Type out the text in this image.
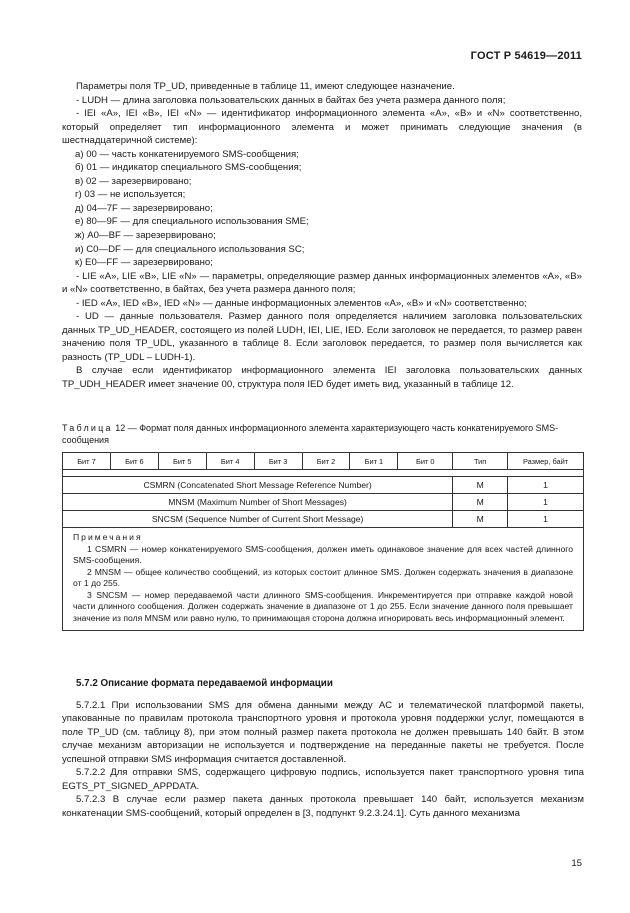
ГОСТ Р 54619—2011

Параметры поля TP_UD, приведенные в таблице 11, имеют следующее назначение.

- LUDH — длина заголовка пользовательских данных в байтах без учета размера данного поля;

- IEI «A», IEI «B», IEI «N» — идентификатор информационного элемента «A», «B» и «N» соответственно, который определяет тип информационного элемента и может принимать следующие значения (в шестнадцатеричной системе):

а) 00 — часть конкатенируемого SMS-сообщения;

б) 01 — индикатор специального SMS-сообщения;

в) 02 — зарезервировано;

г) 03 — не используется;

д) 04—7F — зарезервировано;

е) 80—9F — для специального использования SME;

ж) A0—BF — зарезервировано;

и) C0—DF — для специального использования SC;

к) E0—FF — зарезервировано;

- LIE «A», LIE «B», LIE «N» — параметры, определяющие размер данных информационных элементов «A», «B» и «N» соответственно, в байтах, без учета размера данного поля;

- IED «A», IED «B», IED «N» — данные информационных элементов «A», «B» и «N» соответственно;

- UD — данные пользователя. Размер данного поля определяется наличием заголовка пользовательских данных TP_UD_HEADER, состоящего из полей LUDH, IEI, LIE, IED. Если заголовок не передается, то размер равен значению поля TP_UDL, указанного в таблице 8. Если заголовок передается, то размер поля вычисляется как разность (TP_UDL – LUDH-1).

В случае если идентификатор информационного элемента IEI заголовка пользовательских данных TP_UDH_HEADER имеет значение 00, структура поля IED будет иметь вид, указанный в таблице 12.

Таблица 12 — Формат поля данных информационного элемента характеризующего часть конкатенируемого SMS-сообщения
Бит 7	Бит 6	Бит 5	Бит 4	Бит 3	Бит 2	Бит 1	Бит 0	Тип	Размер, байт

CSMRN (Concatenated Short Message Reference Number)								M	1
MNSM (Maximum Number of Short Messages)								M	1
SNCSM (Sequence Number of Current Short Message)								M	1

Примечания

1 CSMRN — номер конкатенируемого SMS-сообщения, должен иметь одинаковое значение для всех частей длинного SMS-сообщения.

2 MNSM — общее количество сообщений, из которых состоит длинное SMS. Должен содержать значения в диапазоне от 1 до 255.

3 SNCSM — номер передаваемой части длинного SMS-сообщения. Инкрементируется при отправке каждой новой части длинного сообщения. Должен содержать значение в диапазоне от 1 до 255. Если значение данного поля превышает значение из поля MNSM или равно нулю, то принимающая сторона должна игнорировать весь информационный элемент.									

5.7.2 Описание формата передаваемой информации

5.7.2.1 При использовании SMS для обмена данными между АС и телематической платформой пакеты, упакованные по правилам протокола транспортного уровня и протокола уровня поддержки услуг, помещаются в поле TP_UD (см. таблицу 8), при этом полный размер пакета протокола не должен превышать 140 байт. В этом случае механизм авторизации не используется и подтверждение на переданные пакеты не требуется. После успешной отправки SMS информация считается доставленной.

5.7.2.2 Для отправки SMS, содержащего цифровую подпись, используется пакет транспортного уровня типа EGTS_PT_SIGNED_APPDATA.

5.7.2.3 В случае если размер пакета данных протокола превышает 140 байт, используется механизм конкатенации SMS-сообщений, который определен в [3, подпункт 9.2.3.24.1]. Суть данного механизма

15
